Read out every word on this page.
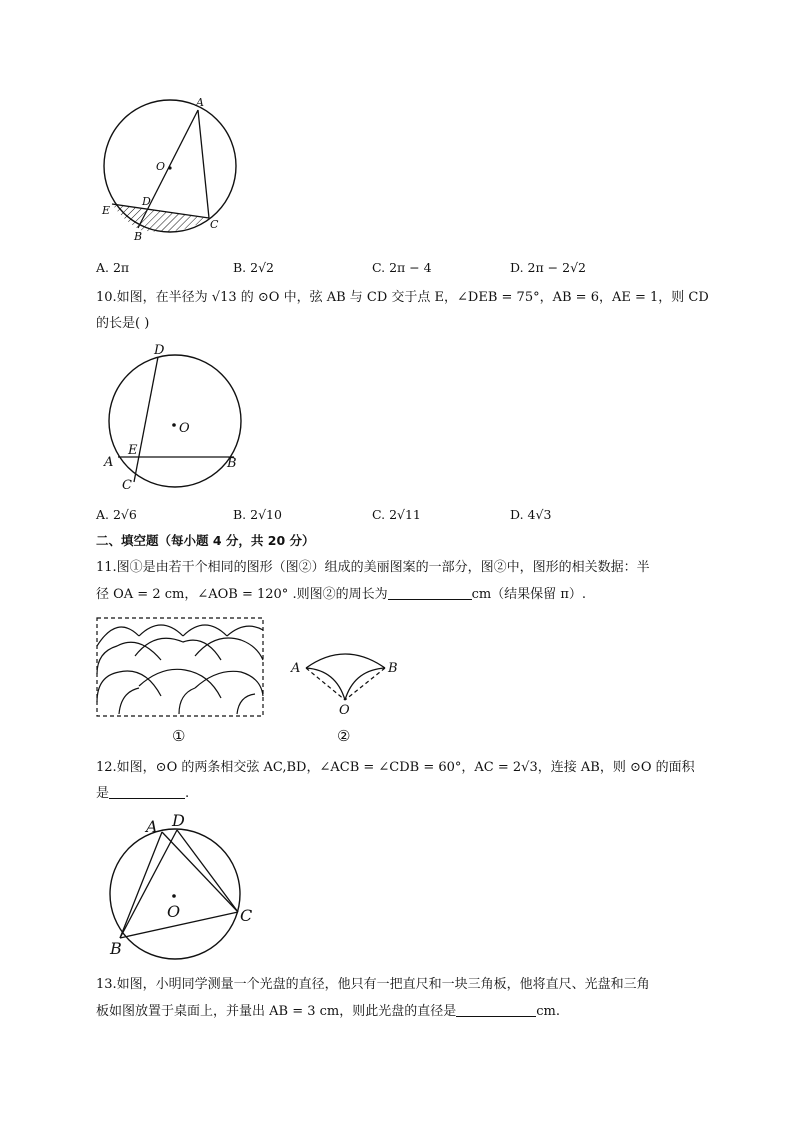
A
O
D
E
B
C
A. 2π	B. 2√2	C. 2π − 4	D. 2π − 2√2
10.如图，在半径为 √13 的 ⊙O 中，弦 AB 与 CD 交于点 E，∠DEB = 75°，AB = 6，AE = 1，则 CD
的长是( )
D
O
E
A	B
C
A. 2√6	B. 2√10	C. 2√11	D. 4√3
二、填空题（每小题 4 分，共 20 分）
11.图①是由若干个相同的图形（图②）组成的美丽图案的一部分，图②中，图形的相关数据：半
径 OA = 2 cm，∠AOB = 120° .则图②的周长为	cm（结果保留 π）.
①
A	B
O
②
12.如图，⊙O 的两条相交弦 AC,BD，∠ACB = ∠CDB = 60°，AC = 2√3，连接 AB，则 ⊙O 的面积
是	.
A D
O
B
C
13.如图，小明同学测量一个光盘的直径，他只有一把直尺和一块三角板，他将直尺、光盘和三角
板如图放置于桌面上，并量出 AB = 3 cm，则此光盘的直径是	cm.
